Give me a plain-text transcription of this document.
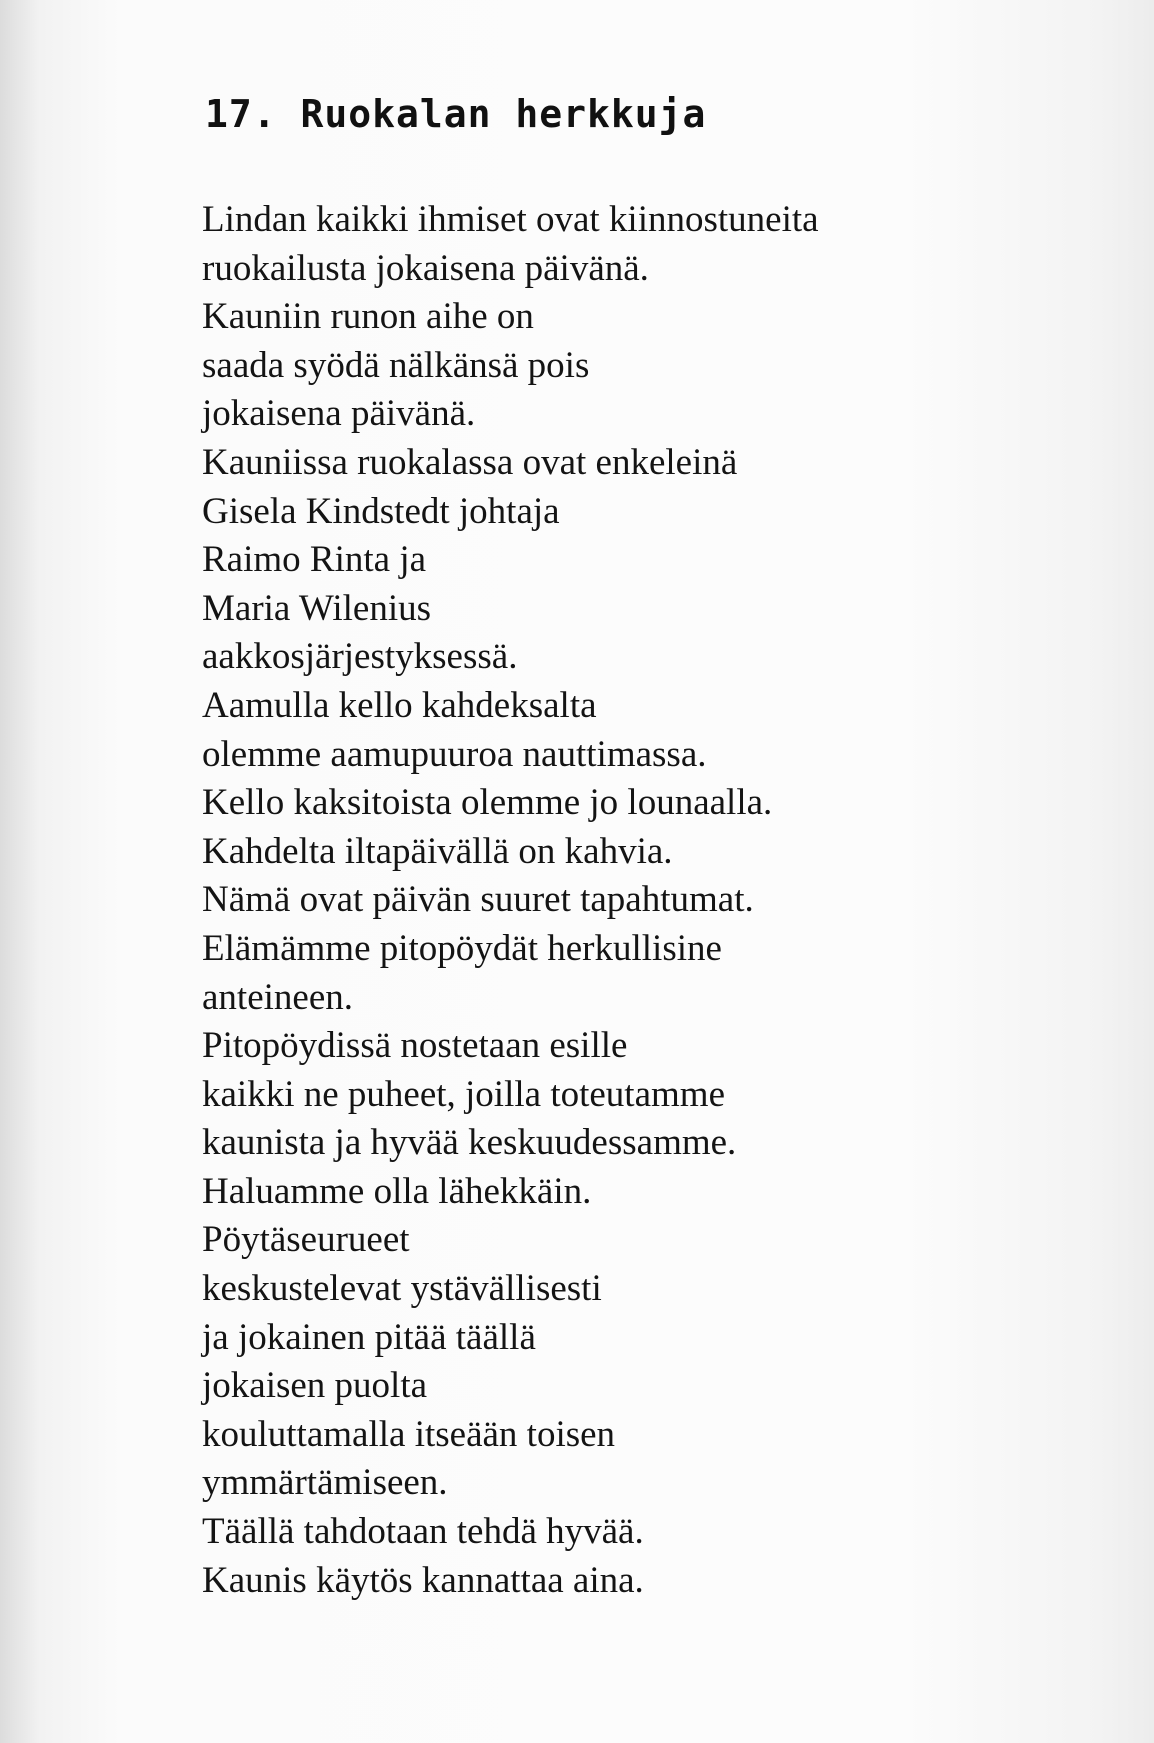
17. Ruokalan herkkuja
Lindan kaikki ihmiset ovat kiinnostuneita
ruokailusta jokaisena päivänä.
Kauniin runon aihe on
saada syödä nälkänsä pois
jokaisena päivänä.
Kauniissa ruokalassa ovat enkeleinä
Gisela Kindstedt johtaja
Raimo Rinta ja
Maria Wilenius
aakkosjärjestyksessä.
Aamulla kello kahdeksalta
olemme aamupuuroa nauttimassa.
Kello kaksitoista olemme jo lounaalla.
Kahdelta iltapäivällä on kahvia.
Nämä ovat päivän suuret tapahtumat.
Elämämme pitopöydät herkullisine
anteineen.
Pitopöydissä nostetaan esille
kaikki ne puheet, joilla toteutamme
kaunista ja hyvää keskuudessamme.
Haluamme olla lähekkäin.
Pöytäseurueet
keskustelevat ystävällisesti
ja jokainen pitää täällä
jokaisen puolta
kouluttamalla itseään toisen
ymmärtämiseen.
Täällä tahdotaan tehdä hyvää.
Kaunis käytös kannattaa aina.
